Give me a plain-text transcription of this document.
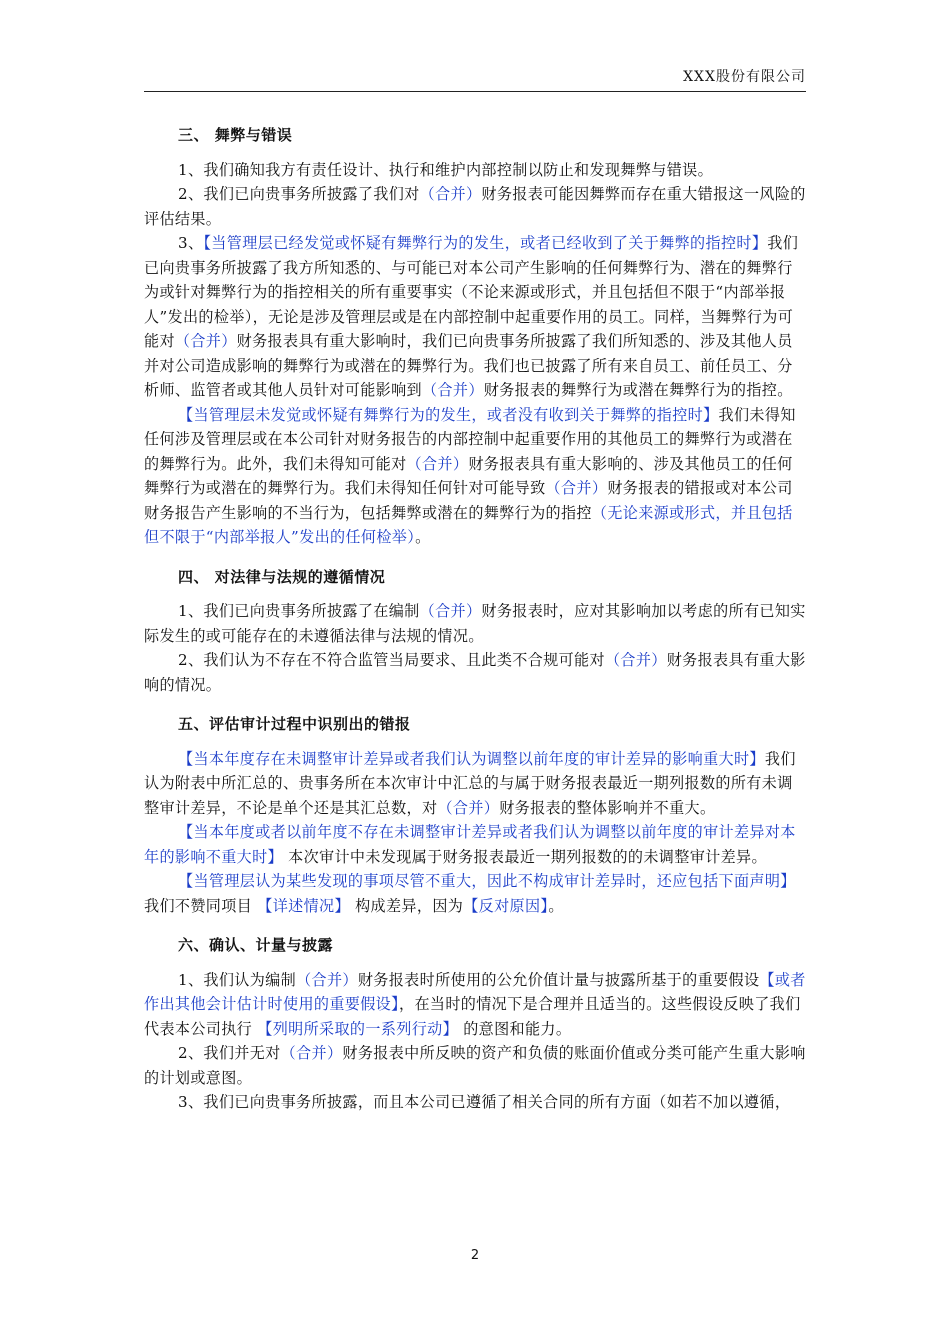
XXX股份有限公司
三、 舞弊与错误

1、我们确知我方有责任设计、执行和维护内部控制以防止和发现舞弊与错误。

2、我们已向贵事务所披露了我们对（合并）财务报表可能因舞弊而存在重大错报这一风险的评估结果。

3、【当管理层已经发觉或怀疑有舞弊行为的发生，或者已经收到了关于舞弊的指控时】我们已向贵事务所披露了我方所知悉的、与可能已对本公司产生影响的任何舞弊行为、潜在的舞弊行为或针对舞弊行为的指控相关的所有重要事实（不论来源或形式，并且包括但不限于“内部举报人”发出的检举），无论是涉及管理层或是在内部控制中起重要作用的员工。同样，当舞弊行为可能对（合并）财务报表具有重大影响时，我们已向贵事务所披露了我们所知悉的、涉及其他人员并对公司造成影响的舞弊行为或潜在的舞弊行为。我们也已披露了所有来自员工、前任员工、分析师、监管者或其他人员针对可能影响到（合并）财务报表的舞弊行为或潜在舞弊行为的指控。

【当管理层未发觉或怀疑有舞弊行为的发生，或者没有收到关于舞弊的指控时】我们未得知任何涉及管理层或在本公司针对财务报告的内部控制中起重要作用的其他员工的舞弊行为或潜在的舞弊行为。此外，我们未得知可能对（合并）财务报表具有重大影响的、涉及其他员工的任何舞弊行为或潜在的舞弊行为。我们未得知任何针对可能导致（合并）财务报表的错报或对本公司财务报告产生影响的不当行为，包括舞弊或潜在的舞弊行为的指控（无论来源或形式，并且包括但不限于“内部举报人”发出的任何检举）。

四、 对法律与法规的遵循情况

1、我们已向贵事务所披露了在编制（合并）财务报表时，应对其影响加以考虑的所有已知实际发生的或可能存在的未遵循法律与法规的情况。

2、我们认为不存在不符合监管当局要求、且此类不合规可能对（合并）财务报表具有重大影响的情况。

五、评估审计过程中识别出的错报

【当本年度存在未调整审计差异或者我们认为调整以前年度的审计差异的影响重大时】我们认为附表中所汇总的、贵事务所在本次审计中汇总的与属于财务报表最近一期列报数的所有未调整审计差异，不论是单个还是其汇总数，对（合并）财务报表的整体影响并不重大。

【当本年度或者以前年度不存在未调整审计差异或者我们认为调整以前年度的审计差异对本年的影响不重大时】 本次审计中未发现属于财务报表最近一期列报数的的未调整审计差异。

【当管理层认为某些发现的事项尽管不重大，因此不构成审计差异时，还应包括下面声明】我们不赞同项目 【详述情况】 构成差异，因为【反对原因】。

六、确认、计量与披露

1、我们认为编制（合并）财务报表时所使用的公允价值计量与披露所基于的重要假设【或者作出其他会计估计时使用的重要假设】，在当时的情况下是合理并且适当的。这些假设反映了我们代表本公司执行 【列明所采取的一系列行动】 的意图和能力。

2、我们并无对（合并）财务报表中所反映的资产和负债的账面价值或分类可能产生重大影响的计划或意图。

3、我们已向贵事务所披露，而且本公司已遵循了相关合同的所有方面（如若不加以遵循，

2
